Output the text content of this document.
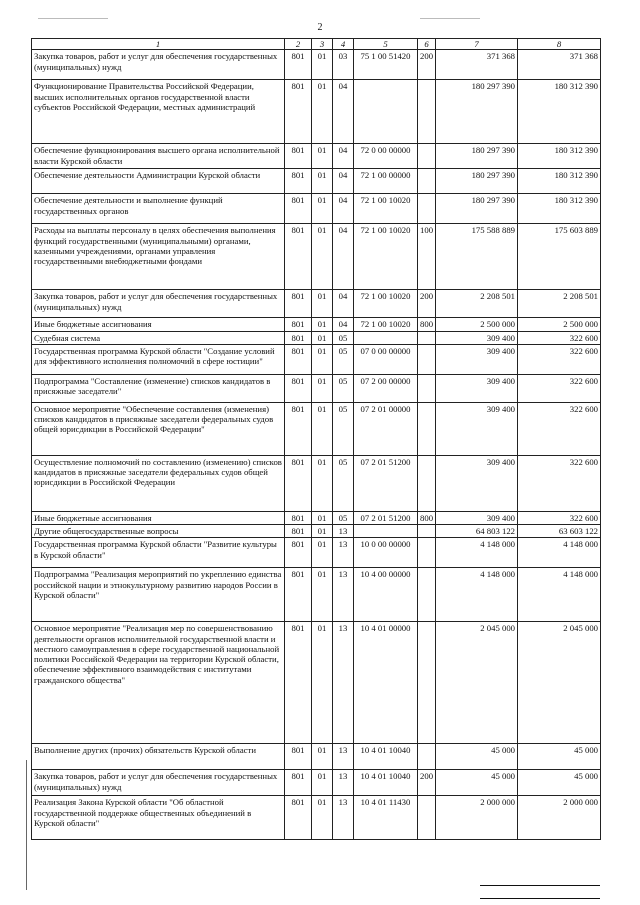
2
1	2	3	4	5	6	7	8
Закупка товаров, работ и услуг для обеспечения государственных (муниципальных) нужд	801	01	03	75 1 00 51420	200	371 368	371 368
Функционирование Правительства Российской Федерации, высших исполнительных органов государственной власти субъектов Российской Федерации, местных администраций	801	01	04			180 297 390	180 312 390
Обеспечение функционирования высшего органа исполнительной власти Курской области	801	01	04	72 0 00 00000		180 297 390	180 312 390
Обеспечение деятельности Администрации Курской области	801	01	04	72 1 00 00000		180 297 390	180 312 390
Обеспечение деятельности и выполнение функций государственных органов	801	01	04	72 1 00 10020		180 297 390	180 312 390
Расходы на выплаты персоналу в целях обеспечения выполнения функций государственными (муниципальными) органами, казенными учреждениями, органами управления государственными внебюджетными фондами	801	01	04	72 1 00 10020	100	175 588 889	175 603 889
Закупка товаров, работ и услуг для обеспечения государственных (муниципальных) нужд	801	01	04	72 1 00 10020	200	2 208 501	2 208 501
Иные бюджетные ассигнования	801	01	04	72 1 00 10020	800	2 500 000	2 500 000
Судебная система	801	01	05			309 400	322 600
Государственная программа Курской области "Создание условий для эффективного исполнения полномочий в сфере юстиции"	801	01	05	07 0 00 00000		309 400	322 600
Подпрограмма "Составление (изменение) списков кандидатов в присяжные заседатели"	801	01	05	07 2 00 00000		309 400	322 600
Основное мероприятие "Обеспечение составления (изменения) списков кандидатов в присяжные заседатели федеральных судов общей юрисдикции в Российской Федерации"	801	01	05	07 2 01 00000		309 400	322 600
Осуществление полномочий по составлению (изменению) списков кандидатов в присяжные заседатели федеральных судов общей юрисдикции в Российской Федерации	801	01	05	07 2 01 51200		309 400	322 600
Иные бюджетные ассигнования	801	01	05	07 2 01 51200	800	309 400	322 600
Другие общегосударственные вопросы	801	01	13			64 803 122	63 603 122
Государственная программа Курской области "Развитие культуры в Курской области"	801	01	13	10 0 00 00000		4 148 000	4 148 000
Подпрограмма "Реализация мероприятий по укреплению единства российской нации и этнокультурному развитию народов России в Курской области"	801	01	13	10 4 00 00000		4 148 000	4 148 000
Основное мероприятие "Реализация мер по совершенствованию деятельности органов исполнительной государственной власти и местного самоуправления в сфере государственной национальной политики Российской Федерации на территории Курской области, обеспечение эффективного взаимодействия с институтами гражданского общества"	801	01	13	10 4 01 00000		2 045 000	2 045 000
Выполнение других (прочих) обязательств Курской области	801	01	13	10 4 01 10040		45 000	45 000
Закупка товаров, работ и услуг для обеспечения государственных (муниципальных) нужд	801	01	13	10 4 01 10040	200	45 000	45 000
Реализация Закона Курской области "Об областной государственной поддержке общественных объединений в Курской области"	801	01	13	10 4 01 11430		2 000 000	2 000 000
